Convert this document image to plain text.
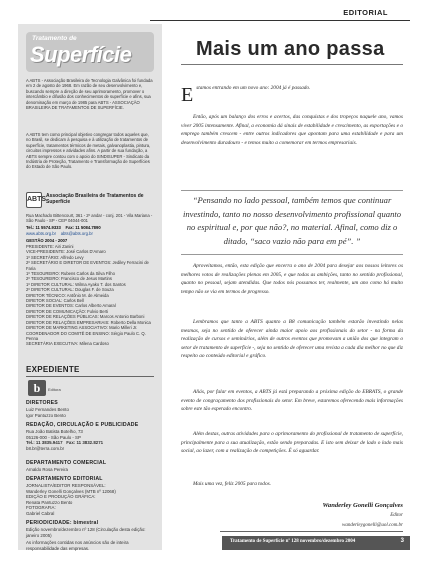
EDITORIAL
Tratamento de
Superfície

A ABTS - Associação Brasileira de Tecnologia Galvânica foi fundada em 2 de agosto de 1968. Em razão de seu desenvolvimento e, buscando sempre a direção de seu aprimoramento, promover o intercâmbio e difusão dos conhecimentos de superfície e afins, sua denominação em março de 1985 para ABTS - ASSOCIAÇÃO BRASILEIRA DE TRATAMENTOS DE SUPERFÍCIE.

A ABTS tem como principal objetivo congregar todos aqueles que, no Brasil, se dedicam à pesquisa e à utilização de tratamentos de superfície, tratamentos térmicos de metais, galvanoplastia, pintura, circuitos impressos e atividades afins. A partir de sua fundação, a ABTS sempre contou com o apoio do SINDISUPER - Sindicato da Indústria de Proteção, Tratamento e Transformação de Superfícies do Estado de São Paulo.

ABTS Associação Brasileira de Tratamentos de Superfície

Rua Machado Bittencourt, 361 - 2º andar - conj. 201 - Vila Mariana - São Paulo - SP - CEP 04044-001

Tel.: 11 5574.9333 Fax: 11 5084.7890

www.abts.org.br abts@abts.org.br

GESTÃO 2004 - 2007

PRESIDENTE: Airi Zanini
VICE-PRESIDENTE: José Carlos D'Amaro
1º SECRETÁRIO: Alfredo Levy
2º SECRETÁRIO E DIRETOR DE EVENTOS: Jediley Ferracini de Faria
1º TESOUREIRO: Rubens Carlos da Silva Filho
2º TESOUREIRO: Francisco de Jesus Martins
1º DIRETOR CULTURAL: Wilma Ayako T. dos Santos
2º DIRETOR CULTURAL: Douglas F. de Souza
DIRETOR TÉCNICO: Antônio M. de Almeida
DIRETOR SOCIAL: Carlos Bell
DIRETOR DE EVENTOS: Carlos Alberto Amaral
DIRETOR DE COMUNICAÇÃO: Fulvio Berti
DIRETOR DE RELAÇÕES PÚBLICAS: Marcos Antonio Barboni
DIRETOR DE RELAÇÕES EMPRESARIAIS: Roberto Della Monica
DIRETOR DE MARKETING ASSOCIATIVO: Mario Milleri Jr.
COORDENADOR DO COMITÊ DE ENSINO: Sérgio Paulo C. Q. Penna
SECRETÁRIA EXECUTIVA: Milena Cardoso
EXPEDIENTE
b	Editora
DIRETORES
Luiz Fernandes Bento
Igor Pantuzzo Bento
REDAÇÃO, CIRCULAÇÃO E PUBLICIDADE
Rua João Batista Botelho, 73
05126-000 - São Paulo - SP
Tel.: 11 3835.9417 Fax: 11 3832.8271
b8.br@terra.com.br
DEPARTAMENTO COMERCIAL
Arnaldo Rosa Pereira
DEPARTAMENTO EDITORIAL
JORNALISTA/EDITOR RESPONSÁVEL:
Wanderley Gonelli Gonçalves (MTB nº 12068)
EDIÇÃO E PRODUÇÃO GRÁFICA:
Renata Pantuzzo Bento
FOTOGRAFIA:
Gabriel Cabral
PERIODICIDADE: bimestral
Edição novembro/dezembro nº 128 (Circulação desta edição: janeiro 2005)
As informações contidas nos anúncios são de inteira responsabilidade das empresas.
Mais um ano passa

Estamos entrando em um novo ano: 2004 já é passado.

Então, após um balanço dos erros e acertos, das conquistas e dos tropeços naquele ano, vamos viver 2005 intensamente. Afinal, a economia dá sinais de estabilidade e crescimento, as exportações e o emprego também crescem - entre outros indicadores que apontam para uma estabilidade e para um desenvolvimento duradouro - e temos muito a comemorar em termos empresariais.

“Pensando no lado pessoal, também temos que continuar investindo, tanto no nosso desenvolvimento profissional quanto no espiritual e, por que não?, no material. Afinal, como diz o ditado, “saco vazio não para em pé”. ”

Aproveitamos, então, esta edição que encerra o ano de 2004 para desejar aos nossos leitores os melhores votos de realizações plenas em 2005, e que todas as ambições, tanto no sentido profissional, quanto no pessoal, sejam atendidas. Que todos nós possamos ter, realmente, um ano como há muito tempo não se via em termos de progresso.

Lembramos que tanto a ABTS quanto a B8 comunicação também estarão investindo nelas mesmas, seja no sentido de oferecer ainda maior apoio aos profissionais do setor - na forma da realização de cursos e seminários, além de outros eventos que promovam a união dos que integram o setor de tratamento de superfície -, seja no sentido de oferecer uma revista a cada dia melhor no que diz respeito ao conteúdo editorial e gráfico.

Aliás, por falar em eventos, a ABTS já está preparando a próxima edição do EBRATS, o grande evento de congraçamento dos profissionais do setor. Em breve, estaremos oferecendo mais informações sobre este tão esperado encontro.

Além destas, outras atividades para o aprimoramento do profissional de tratamento de superfície, principalmente para a sua atualização, estão sendo preparadas. E isto sem deixar de lado o lado mais social, ao lazer, com a realização de competições. É só aguardar.

Mais uma vez, feliz 2005 para todos.

Wanderley Gonelli Gonçalves
Editor
wanderleygonelli@uol.com.br
Tratamento de Superfície nº 128 novembro/dezembro 2004	3
